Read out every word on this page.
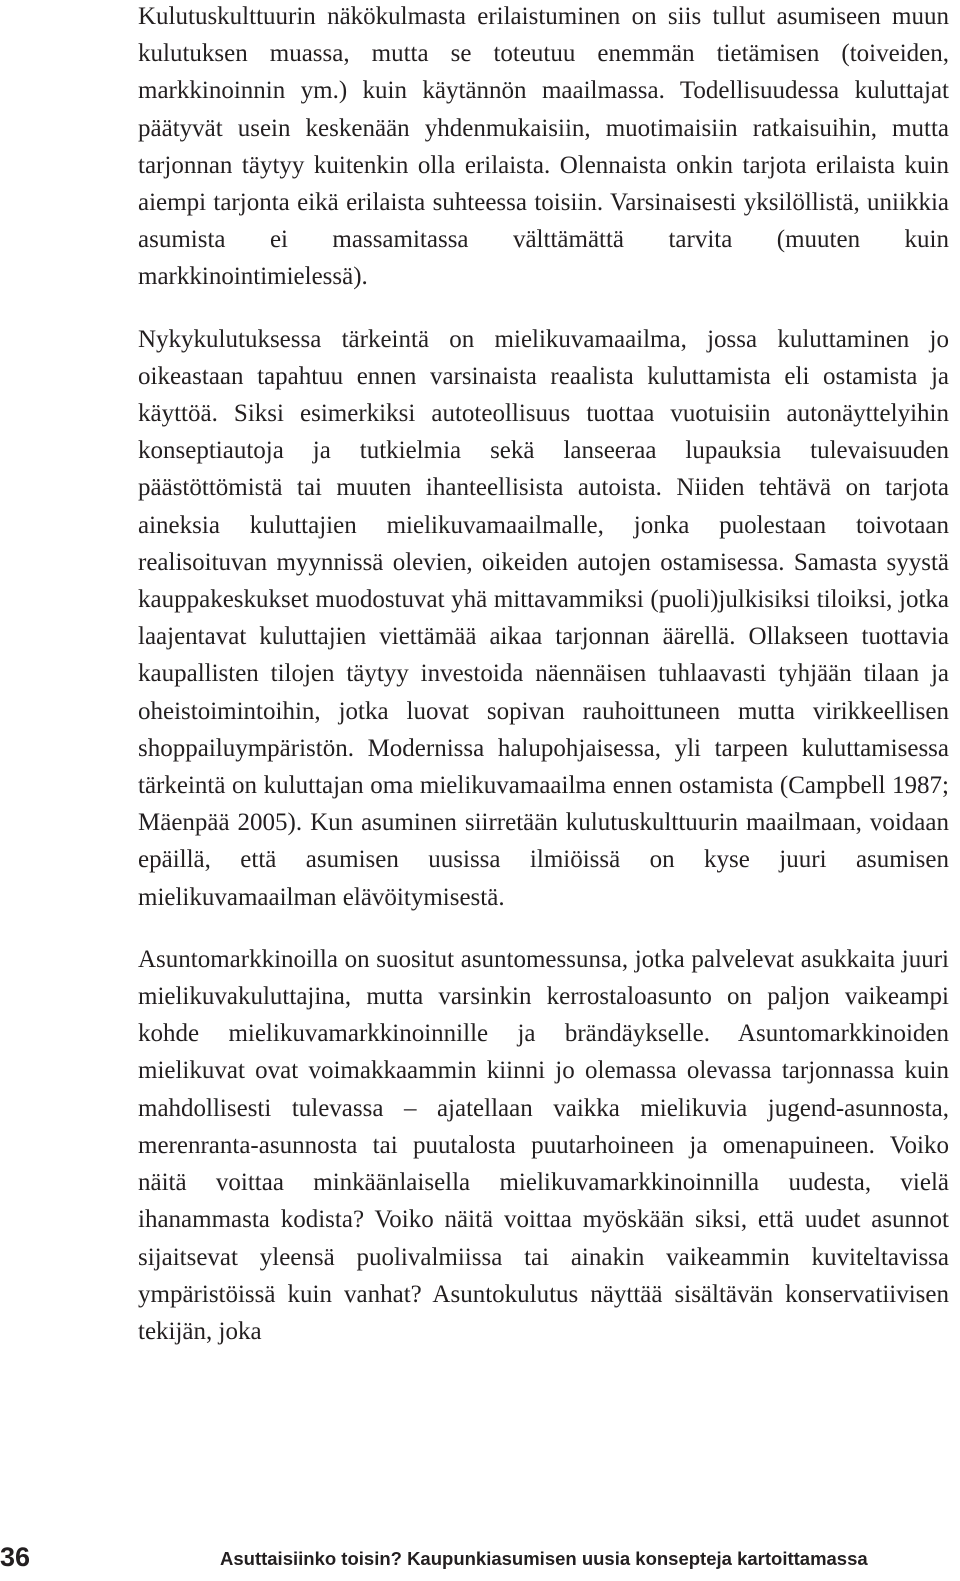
Kulutuskulttuurin näkökulmasta erilaistuminen on siis tullut asumiseen muun kulutuksen muassa, mutta se toteutuu enemmän tietämisen (toiveiden, markkinoinnin ym.) kuin käytännön maailmassa. Todellisuudessa kuluttajat päätyvät usein keskenään yhdenmukaisiin, muotimaisiin ratkaisuihin, mutta tarjonnan täytyy kuitenkin olla erilaista. Olennaista onkin tarjota erilaista kuin aiempi tarjonta eikä erilaista suhteessa toisiin. Varsinaisesti yksilöllistä, uniikkia asumista ei massamitassa välttämättä tarvita (muuten kuin markkinointimielessä).

Nykykulutuksessa tärkeintä on mielikuvamaailma, jossa kuluttaminen jo oikeastaan tapahtuu ennen varsinaista reaalista kuluttamista eli ostamista ja käyttöä. Siksi esimerkiksi autoteollisuus tuottaa vuotuisiin autonäyttelyihin konseptiautoja ja tutkielmia sekä lanseeraa lupauksia tulevaisuuden päästöttömistä tai muuten ihanteellisista autoista. Niiden tehtävä on tarjota aineksia kuluttajien mielikuvamaailmalle, jonka puolestaan toivotaan realisoituvan myynnissä olevien, oikeiden autojen ostamisessa. Samasta syystä kauppakeskukset muodostuvat yhä mittavammiksi (puoli)julkisiksi tiloiksi, jotka laajentavat kuluttajien viettämää aikaa tarjonnan äärellä. Ollakseen tuottavia kaupallisten tilojen täytyy investoida näennäisen tuhlaavasti tyhjään tilaan ja oheistoimintoihin, jotka luovat sopivan rauhoittuneen mutta virikkeellisen shoppailuympäristön. Modernissa halupohjaisessa, yli tarpeen kuluttamisessa tärkeintä on kuluttajan oma mielikuvamaailma ennen ostamista (Campbell 1987; Mäenpää 2005). Kun asuminen siirretään kulutuskulttuurin maailmaan, voidaan epäillä, että asumisen uusissa ilmiöissä on kyse juuri asumisen mielikuvamaailman elävöitymisestä.

Asuntomarkkinoilla on suositut asuntomessunsa, jotka palvelevat asukkaita juuri mielikuvakuluttajina, mutta varsinkin kerrostaloasunto on paljon vaikeampi kohde mielikuvamarkkinoinnille ja brändäykselle. Asuntomarkkinoiden mielikuvat ovat voimakkaammin kiinni jo olemassa olevassa tarjonnassa kuin mahdollisesti tulevassa – ajatellaan vaikka mielikuvia jugend-asunnosta, merenranta-asunnosta tai puutalosta puutarhoineen ja omenapuineen. Voiko näitä voittaa minkäänlaisella mielikuvamarkkinoinnilla uudesta, vielä ihanammasta kodista? Voiko näitä voittaa myöskään siksi, että uudet asunnot sijaitsevat yleensä puolivalmiissa tai ainakin vaikeammin kuviteltavissa ympäristöissä kuin vanhat? Asuntokulutus näyttää sisältävän konservatiivisen tekijän, joka

36	Asuttaisiinko toisin? Kaupunkiasumisen uusia konsepteja kartoittamassa
